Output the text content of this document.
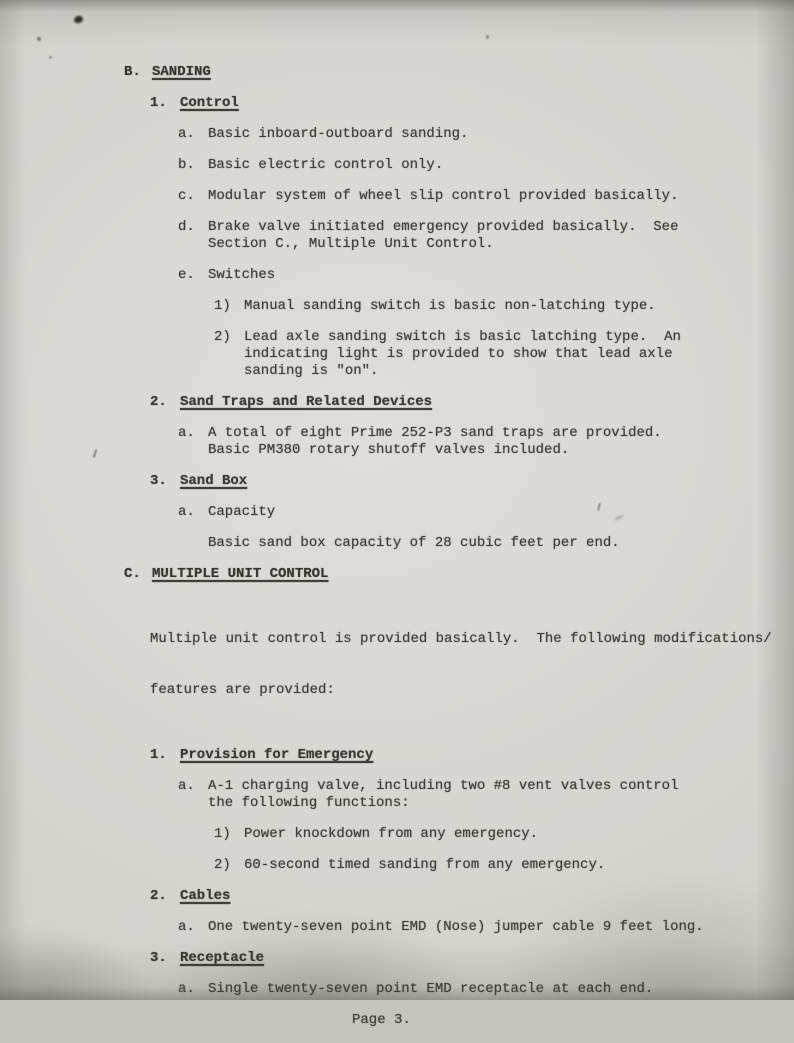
B. SANDING
1. Control
a. Basic inboard-outboard sanding.
b. Basic electric control only.
c. Modular system of wheel slip control provided basically.
d. Brake valve initiated emergency provided basically.  See
Section C., Multiple Unit Control.
e. Switches
1) Manual sanding switch is basic non-latching type.
2) Lead axle sanding switch is basic latching type.  An
indicating light is provided to show that lead axle
sanding is "on".
2. Sand Traps and Related Devices
a. A total of eight Prime 252-P3 sand traps are provided.
Basic PM380 rotary shutoff valves included.
3. Sand Box
a. Capacity
Basic sand box capacity of 28 cubic feet per end.
C. MULTIPLE UNIT CONTROL

Multiple unit control is provided basically.  The following modifications/

features are provided:

1. Provision for Emergency
a. A-1 charging valve, including two #8 vent valves control
the following functions:
1) Power knockdown from any emergency.
2) 60-second timed sanding from any emergency.
2. Cables
a. One twenty-seven point EMD (Nose) jumper cable 9 feet long.
3. Receptacle
a. Single twenty-seven point EMD receptacle at each end.
Page 3.
